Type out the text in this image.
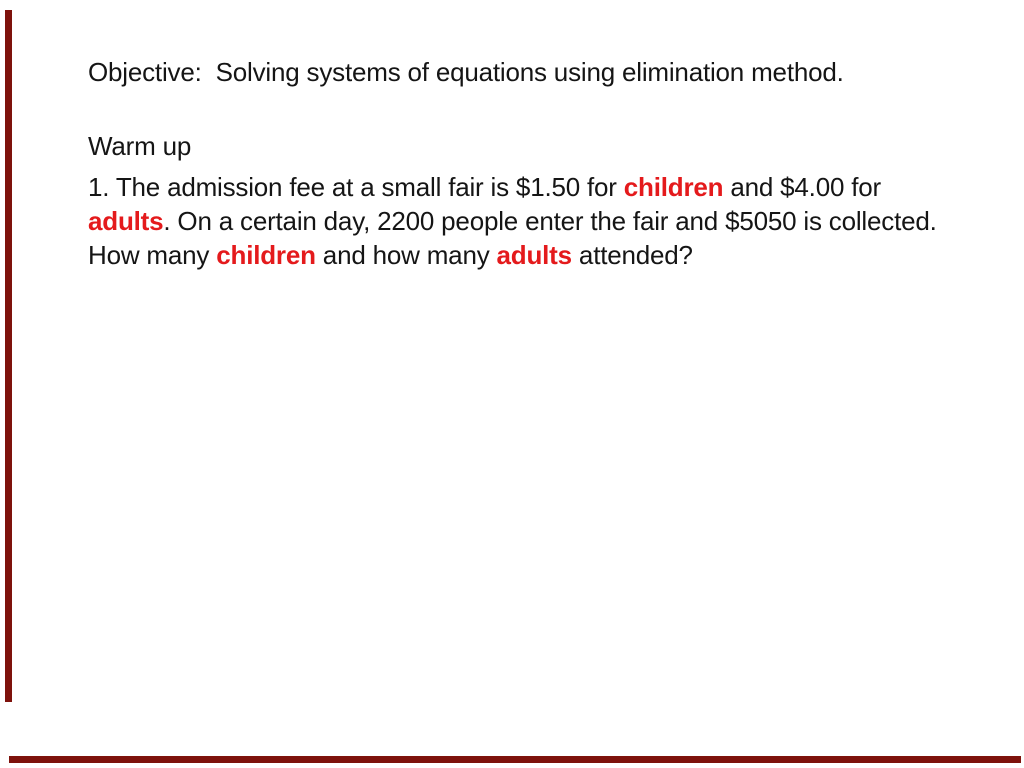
Objective:  Solving systems of equations using elimination method.
Warm up
1. The admission fee at a small fair is $1.50 for children and $4.00 for
adults. On a certain day, 2200 people enter the fair and $5050 is collected.
How many children and how many adults attended?
